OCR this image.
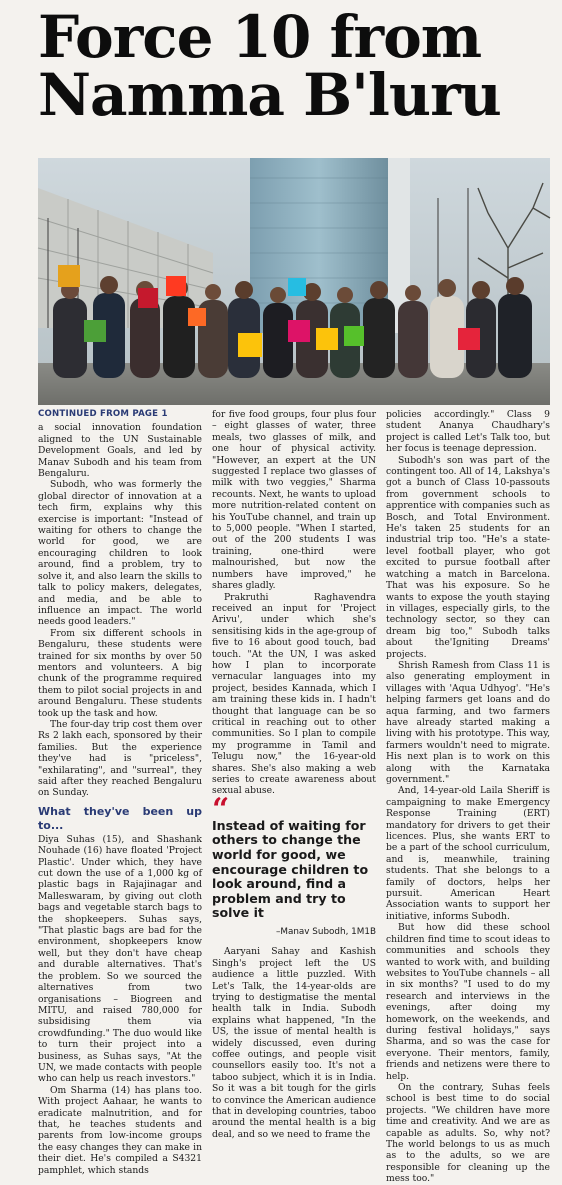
Force 10 from Namma B'luru
CONTINUED FROM PAGE 1

a social innovation foundation aligned to the UN Sustainable Development Goals, and led by Manav Subodh and his team from Bengaluru.

Subodh, who was formerly the global director of innovation at a tech firm, explains why this exercise is important: "Instead of waiting for others to change the world for good, we are encouraging children to look around, find a problem, try to solve it, and also learn the skills to talk to policy makers, delegates, and media, and be able to influence an impact. The world needs good leaders."

From six different schools in Bengaluru, these students were trained for six months by over 50 mentors and volunteers. A big chunk of the programme required them to pilot social projects in and around Bengaluru. These students took up the task and how.

The four-day trip cost them over Rs 2 lakh each, sponsored by their families. But the experience they've had is "priceless", "exhilarating", and "surreal", they said after they reached Bengaluru on Sunday.

What they've been up to...

Diya Suhas (15), and Shashank Nouhade (16) have floated 'Project Plastic'. Under which, they have cut down the use of a 1,000 kg of plastic bags in Rajajinagar and Malleswaram, by giving out cloth bags and vegetable starch bags to the shopkeepers. Suhas says, "That plastic bags are bad for the environment, shopkeepers know well, but they don't have cheap and durable alternatives. That's the problem. So we sourced the alternatives from two organisations – Biogreen and MITU, and raised 780,000 for subsidising them via crowdfunding." The duo would like to turn their project into a business, as Suhas says, "At the UN, we made contacts with people who can help us reach investors."

Om Sharma (14) has plans too. With project Aahaar, he wants to eradicate malnutrition, and for that, he teaches students and parents from low-income groups the easy changes they can make in their diet. He's compiled a S4321 pamphlet, which stands

for five food groups, four plus four – eight glasses of water, three meals, two glasses of milk, and one hour of physical activity. "However, an expert at the UN suggested I replace two glasses of milk with two veggies," Sharma recounts. Next, he wants to upload more nutrition-related content on his YouTube channel, and train up to 5,000 people. "When I started, out of the 200 students I was training, one-third were malnourished, but now the numbers have improved," he shares gladly.

Prakruthi Raghavendra received an input for 'Project Arivu', under which she's sensitising kids in the age-group of five to 16 about good touch, bad touch. "At the UN, I was asked how I plan to incorporate vernacular languages into my project, besides Kannada, which I am training these kids in. I hadn't thought that language can be so critical in reaching out to other communities. So I plan to compile my programme in Tamil and Telugu now," the 16-year-old shares. She's also making a web series to create awareness about sexual abuse.

“
Instead of waiting for others to change the world for good, we encourage children to look around, find a problem and try to solve it
–Manav Subodh, 1M1B

Aaryani Sahay and Kashish Singh's project left the US audience a little puzzled. With Let's Talk, the 14-year-olds are trying to destigmatise the mental health talk in India. Subodh explains what happened, "In the US, the issue of mental health is widely discussed, even during coffee outings, and people visit counsellors easily too. It's not a taboo subject, which it is in India. So it was a bit tough for the girls to convince the American audience that in developing countries, taboo around the mental health is a big deal, and so we need to frame the

policies accordingly." Class 9 student Ananya Chaudhary's project is called Let's Talk too, but her focus is teenage depression.

Subodh's son was part of the contingent too. All of 14, Lakshya's got a bunch of Class 10-passouts from government schools to apprentice with companies such as Bosch, and Total Environment. He's taken 25 students for an industrial trip too. "He's a state-level football player, who got excited to pursue football after watching a match in Barcelona. That was his exposure. So he wants to expose the youth staying in villages, especially girls, to the technology sector, so they can dream big too," Subodh talks about the'Igniting Dreams' projects.

Shrish Ramesh from Class 11 is also generating employment in villages with 'Aqua Udhyog'. "He's helping farmers get loans and do aqua farming, and two farmers have already started making a living with his prototype. This way, farmers wouldn't need to migrate. His next plan is to work on this along with the Karnataka government."

And, 14-year-old Laila Sheriff is campaigning to make Emergency Response Training (ERT) mandatory for drivers to get their licences. Plus, she wants ERT to be a part of the school curriculum, and is, meanwhile, training students. That she belongs to a family of doctors, helps her pursuit. American Heart Association wants to support her initiative, informs Subodh.

But how did these school children find time to scout ideas to communities and schools they wanted to work with, and building websites to YouTube channels – all in six months? "I used to do my research and interviews in the evenings, after doing my homework, on the weekends, and during festival holidays," says Sharma, and so was the case for everyone. Their mentors, family, friends and netizens were there to help.

On the contrary, Suhas feels school is best time to do social projects. "We children have more time and creativity. And we are as capable as adults. So, why not? The world belongs to us as much as to the adults, so we are responsible for cleaning up the mess too."
